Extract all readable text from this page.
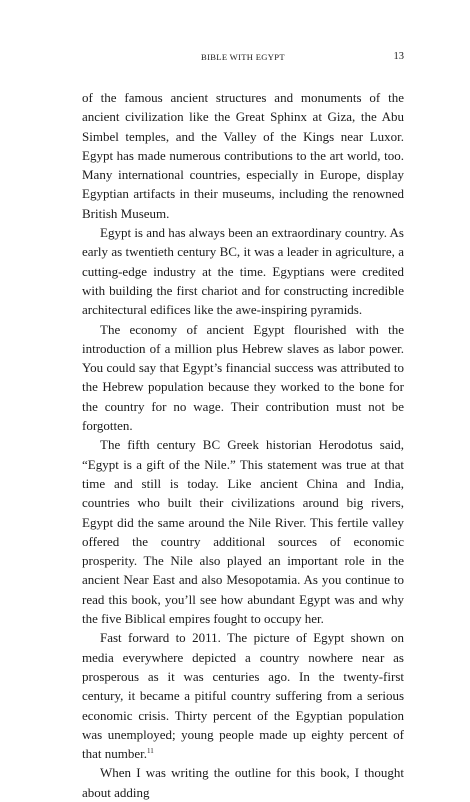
BIBLE WITH EGYPT	13

of the famous ancient structures and monuments of the ancient civilization like the Great Sphinx at Giza, the Abu Simbel temples, and the Valley of the Kings near Luxor. Egypt has made numerous contributions to the art world, too. Many international countries, especially in Europe, display Egyptian artifacts in their museums, including the renowned British Museum.

Egypt is and has always been an extraordinary country. As early as twentieth century BC, it was a leader in agriculture, a cutting-edge industry at the time. Egyptians were credited with building the first chariot and for constructing incredible architectural edifices like the awe-inspiring pyramids.

The economy of ancient Egypt flourished with the introduction of a million plus Hebrew slaves as labor power. You could say that Egypt’s financial success was attributed to the Hebrew population because they worked to the bone for the country for no wage. Their contribution must not be forgotten.

The fifth century BC Greek historian Herodotus said, “Egypt is a gift of the Nile.” This statement was true at that time and still is today. Like ancient China and India, countries who built their civilizations around big rivers, Egypt did the same around the Nile River. This fertile valley offered the country additional sources of economic prosperity. The Nile also played an important role in the ancient Near East and also Mesopotamia. As you continue to read this book, you’ll see how abundant Egypt was and why the five Biblical empires fought to occupy her.

Fast forward to 2011. The picture of Egypt shown on media everywhere depicted a country nowhere near as prosperous as it was centuries ago. In the twenty-first century, it became a pitiful country suffering from a serious economic crisis. Thirty percent of the Egyptian population was unemployed; young people made up eighty percent of that number.$^{11}$

When I was writing the outline for this book, I thought about adding
